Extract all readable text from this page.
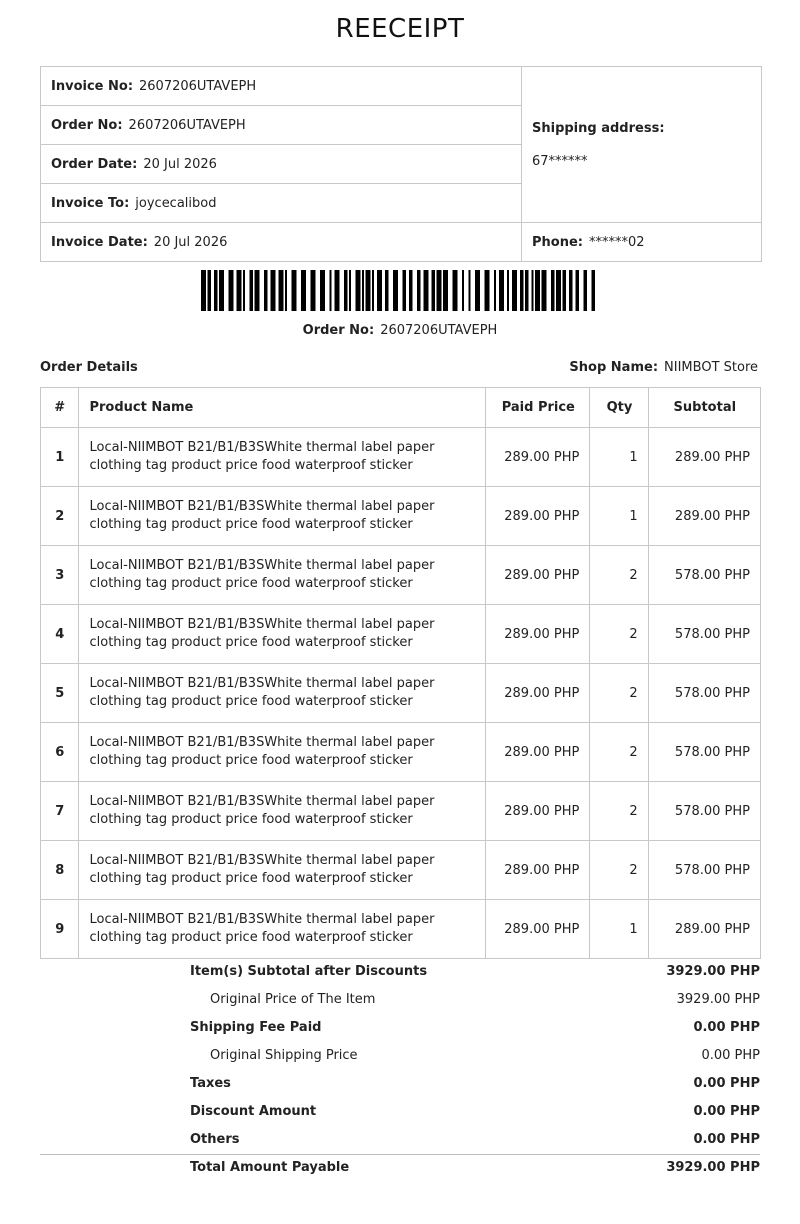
REECEIPT
Invoice No: 2607206UTAVEPH	Shipping address:
67******

Order No: 2607206UTAVEPH	
Order Date: 20 Jul 2026	
Invoice To: joycecalibod	
Invoice Date: 20 Jul 2026	Phone: ******02
Order No: 2607206UTAVEPH
Order Details	Shop Name: NIIMBOT Store
#	Product Name	Paid Price	Qty	Subtotal
1	Local-NIIMBOT B21/B1/B3SWhite thermal label paper
clothing tag product price food waterproof sticker	289.00 PHP	1	289.00 PHP
2	Local-NIIMBOT B21/B1/B3SWhite thermal label paper
clothing tag product price food waterproof sticker	289.00 PHP	1	289.00 PHP
3	Local-NIIMBOT B21/B1/B3SWhite thermal label paper
clothing tag product price food waterproof sticker	289.00 PHP	2	578.00 PHP
4	Local-NIIMBOT B21/B1/B3SWhite thermal label paper
clothing tag product price food waterproof sticker	289.00 PHP	2	578.00 PHP
5	Local-NIIMBOT B21/B1/B3SWhite thermal label paper
clothing tag product price food waterproof sticker	289.00 PHP	2	578.00 PHP
6	Local-NIIMBOT B21/B1/B3SWhite thermal label paper
clothing tag product price food waterproof sticker	289.00 PHP	2	578.00 PHP
7	Local-NIIMBOT B21/B1/B3SWhite thermal label paper
clothing tag product price food waterproof sticker	289.00 PHP	2	578.00 PHP
8	Local-NIIMBOT B21/B1/B3SWhite thermal label paper
clothing tag product price food waterproof sticker	289.00 PHP	2	578.00 PHP
9	Local-NIIMBOT B21/B1/B3SWhite thermal label paper
clothing tag product price food waterproof sticker	289.00 PHP	1	289.00 PHP
Item(s) Subtotal after Discounts	3929.00 PHP
Original Price of The Item	3929.00 PHP
Shipping Fee Paid	0.00 PHP
Original Shipping Price	0.00 PHP
Taxes	0.00 PHP
Discount Amount	0.00 PHP
Others	0.00 PHP
Total Amount Payable	3929.00 PHP
